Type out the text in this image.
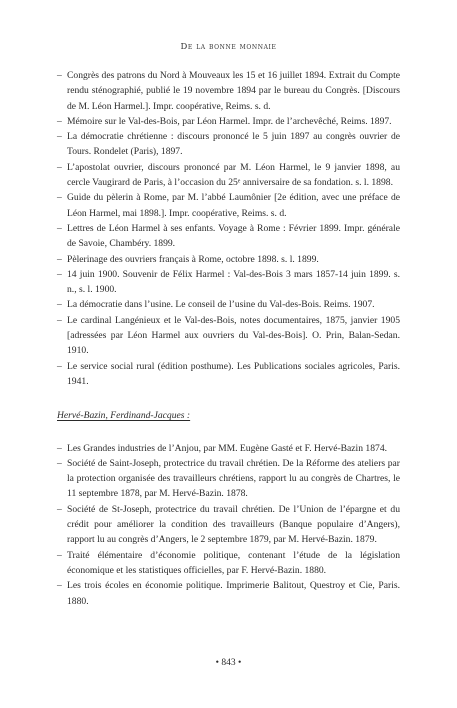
De la bonne monnaie
– Congrès des patrons du Nord à Mouveaux les 15 et 16 juillet 1894. Extrait du Compte rendu sténographié, publié le 19 novembre 1894 par le bureau du Congrès. [Discours de M. Léon Harmel.]. Impr. coopérative, Reims. s. d.
– Mémoire sur le Val-des-Bois, par Léon Harmel. Impr. de l’archevêché, Reims. 1897.
– La démocratie chrétienne : discours prononcé le 5 juin 1897 au congrès ouvrier de Tours. Rondelet (Paris), 1897.
– L’apostolat ouvrier, discours prononcé par M. Léon Harmel, le 9 janvier 1898, au cercle Vaugirard de Paris, à l’occasion du 25ᵉ anniversaire de sa fondation. s. l. 1898.
– Guide du pèlerin à Rome, par M. l’abbé Laumônier [2e édition, avec une préface de Léon Harmel, mai 1898.]. Impr. coopérative, Reims. s. d.
– Lettres de Léon Harmel à ses enfants. Voyage à Rome : Février 1899. Impr. générale de Savoie, Chambéry. 1899.
– Pèlerinage des ouvriers français à Rome, octobre 1898. s. l. 1899.
– 14 juin 1900. Souvenir de Félix Harmel : Val-des-Bois 3 mars 1857-14 juin 1899. s. n., s. l. 1900.
– La démocratie dans l’usine. Le conseil de l’usine du Val-des-Bois. Reims. 1907.
– Le cardinal Langénieux et le Val-des-Bois, notes documentaires, 1875, janvier 1905 [adressées par Léon Harmel aux ouvriers du Val-des-Bois]. O. Prin, Balan-Sedan. 1910.
– Le service social rural (édition posthume). Les Publications sociales agricoles, Paris. 1941.
Hervé-Bazin, Ferdinand-Jacques :
– Les Grandes industries de l’Anjou, par MM. Eugène Gasté et F. Hervé-Bazin 1874.
– Société de Saint-Joseph, protectrice du travail chrétien. De la Réforme des ateliers par la protection organisée des travailleurs chrétiens, rapport lu au congrès de Chartres, le 11 septembre 1878, par M. Hervé-Bazin. 1878.
– Société de St-Joseph, protectrice du travail chrétien. De l’Union de l’épargne et du crédit pour améliorer la condition des travailleurs (Banque populaire d’Angers), rapport lu au congrès d’Angers, le 2 septembre 1879, par M. Hervé-Bazin. 1879.
– Traité élémentaire d’économie politique, contenant l’étude de la législation économique et les statistiques officielles, par F. Hervé-Bazin. 1880.
– Les trois écoles en économie politique. Imprimerie Balitout, Questroy et Cie, Paris. 1880.
• 843 •
